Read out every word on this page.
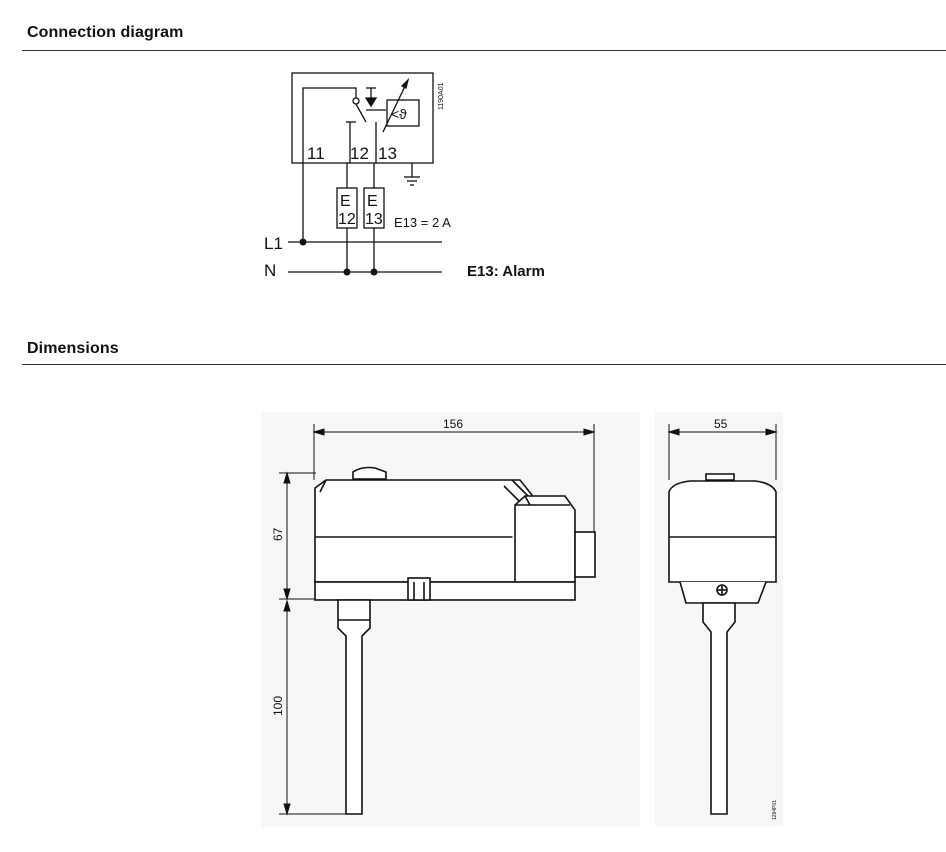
Connection diagram
Dimensions
1190A01
11 12 13
<ϑ
E
12
E
13 E13 = 2 A
L1
N	E13: Alarm
156	55
67
100
1284P01
